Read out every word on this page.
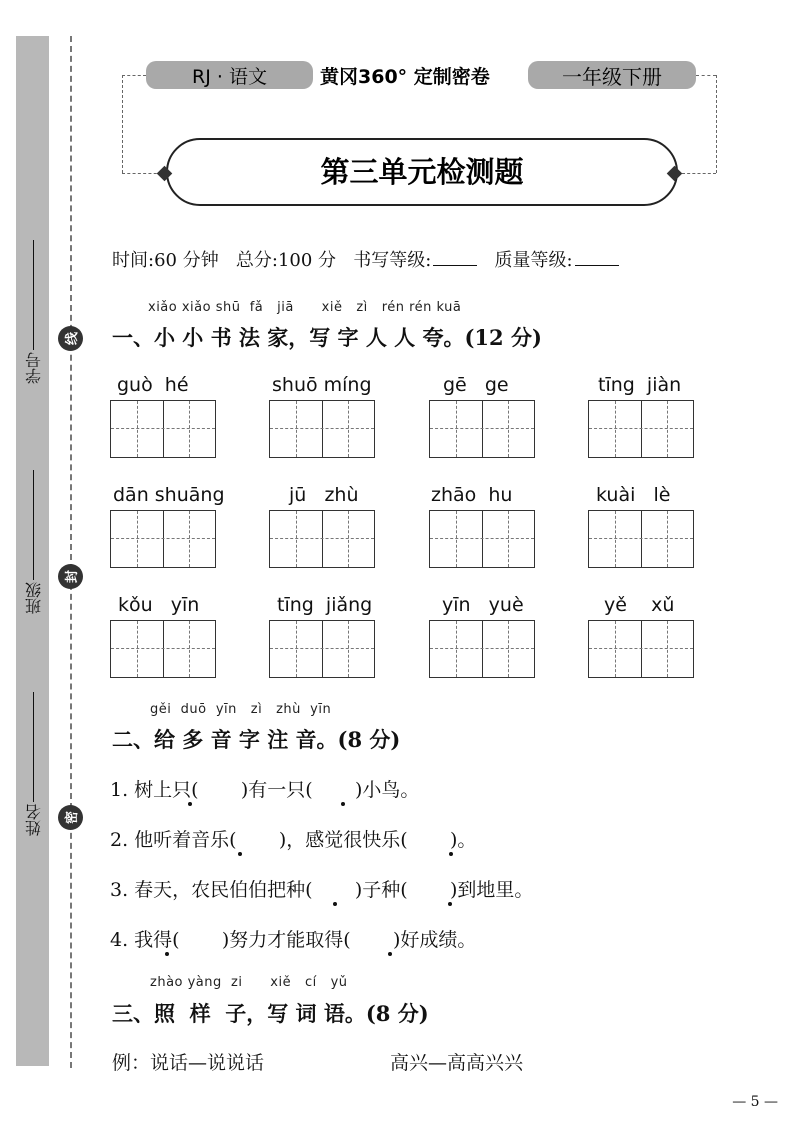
学号
班级
姓名
线
封
密
RJ · 语文	黄冈360° 定制密卷	一年级下册
第三单元检测题
时间:60 分钟 总分:100 分 书写等级:	质量等级:
xiǎo xiǎo shū  fǎ   jiā      xiě   zì   rén rén kuā
一、小 小 书 法 家，写 字 人 人 夸。(12 分)
guò  hé	shuō míng	gē   ge	tīng  jiàn
dān shuāng	jū   zhù	zhāo  hu	kuài   lè
kǒu   yīn	tīng  jiǎng	yīn   yuè	yě    xǔ
gěi  duō  yīn   zì   zhù  yīn
二、给 多 音 字 注 音。(8 分)
1. 树上只(       )有一只(       )小鸟。
2. 他听着音乐(       )，感觉很快乐(       )。
3. 春天，农民伯伯把种(       )子种(       )到地里。
4. 我得(       )努力才能取得(       )好成绩。
zhào yàng  zi      xiě   cí   yǔ
三、照  样  子，写 词 语。(8 分)
例：说话—说说话	高兴—高高兴兴
— 5 —
